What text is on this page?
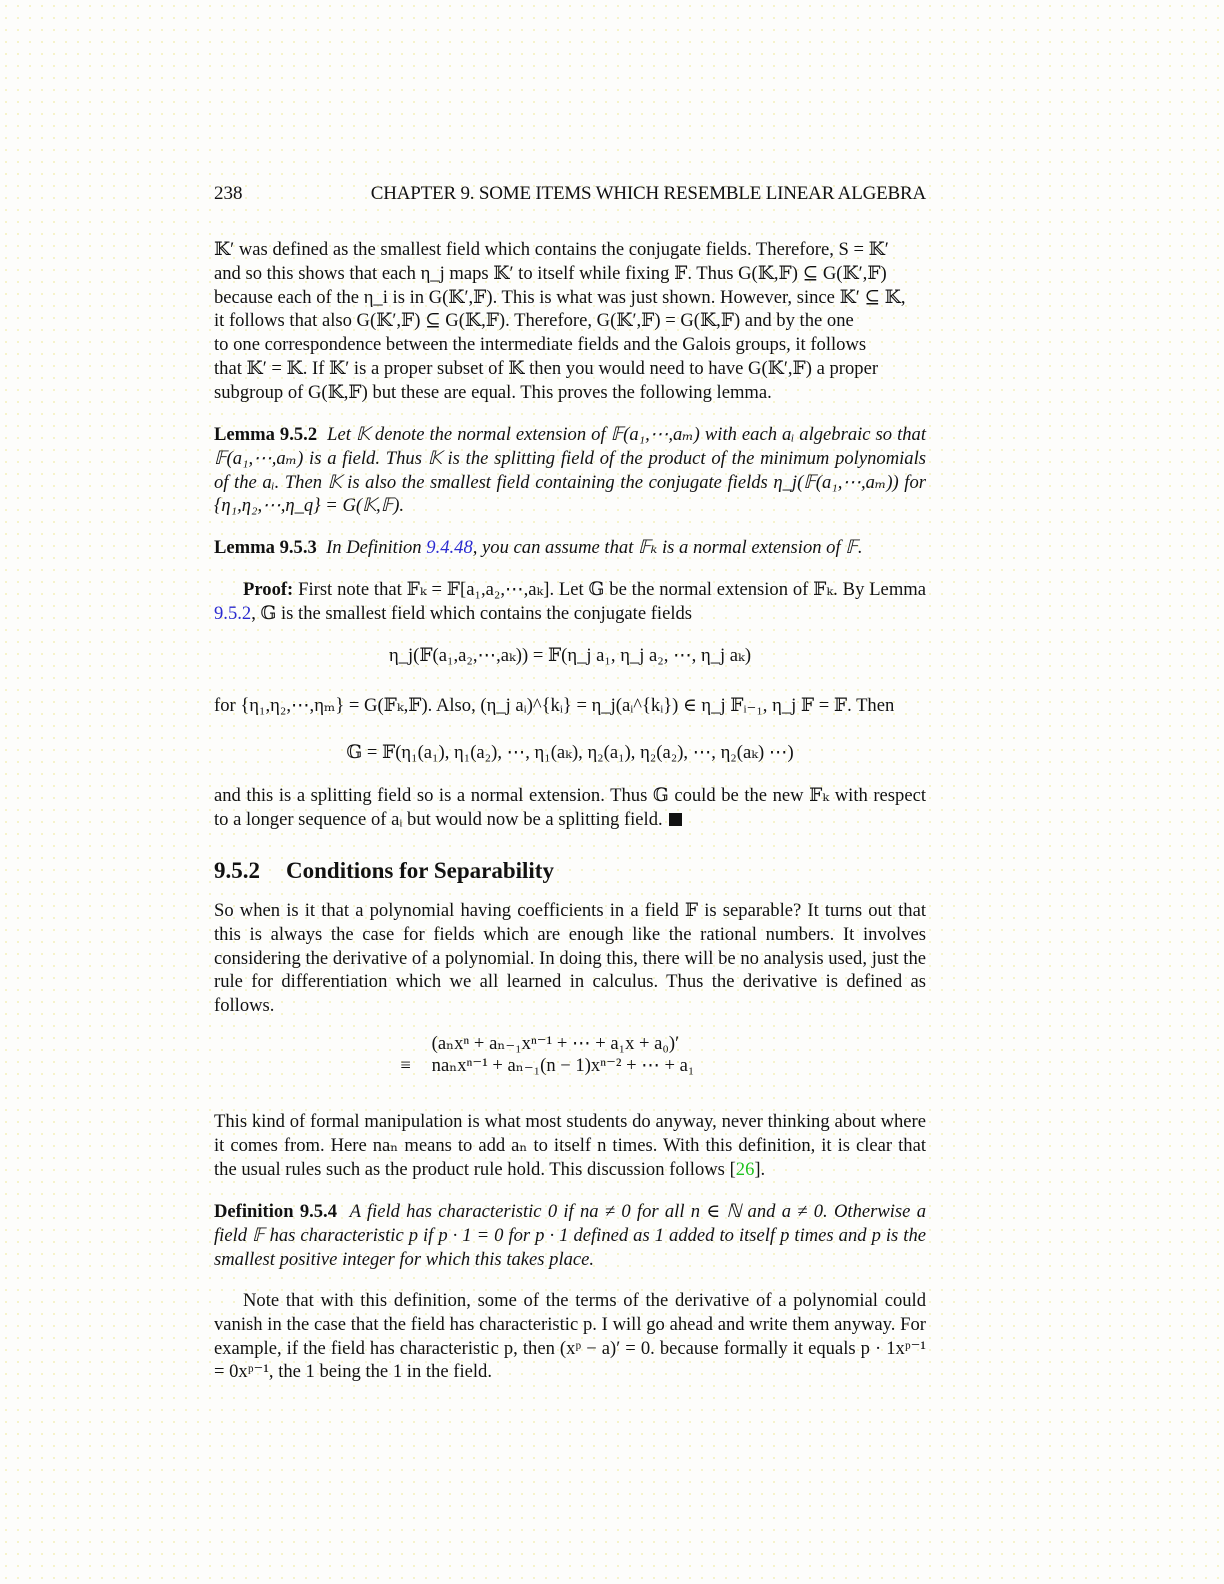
238	CHAPTER 9. SOME ITEMS WHICH RESEMBLE LINEAR ALGEBRA
𝕂′ was defined as the smallest field which contains the conjugate fields. Therefore, S = 𝕂′
and so this shows that each η_j maps 𝕂′ to itself while fixing 𝔽. Thus G(𝕂,𝔽) ⊆ G(𝕂′,𝔽)
because each of the η_i is in G(𝕂′,𝔽). This is what was just shown. However, since 𝕂′ ⊆ 𝕂,
it follows that also G(𝕂′,𝔽) ⊆ G(𝕂,𝔽). Therefore, G(𝕂′,𝔽) = G(𝕂,𝔽) and by the one
to one correspondence between the intermediate fields and the Galois groups, it follows
that 𝕂′ = 𝕂. If 𝕂′ is a proper subset of 𝕂 then you would need to have G(𝕂′,𝔽) a proper
subgroup of G(𝕂,𝔽) but these are equal. This proves the following lemma.
Lemma 9.5.2 Let 𝕂 denote the normal extension of 𝔽(a₁,⋯,aₘ) with each aᵢ algebraic so that 𝔽(a₁,⋯,aₘ) is a field. Thus 𝕂 is the splitting field of the product of the minimum polynomials of the aᵢ. Then 𝕂 is also the smallest field containing the conjugate fields η_j(𝔽(a₁,⋯,aₘ)) for {η₁,η₂,⋯,η_q} = G(𝕂,𝔽).
Lemma 9.5.3 In Definition 9.4.48, you can assume that 𝔽ₖ is a normal extension of 𝔽.
Proof: First note that 𝔽ₖ = 𝔽[a₁,a₂,⋯,aₖ]. Let 𝔾 be the normal extension of 𝔽ₖ. By Lemma 9.5.2, 𝔾 is the smallest field which contains the conjugate fields
η_j(𝔽(a₁,a₂,⋯,aₖ)) = 𝔽(η_j a₁, η_j a₂, ⋯, η_j aₖ)
for {η₁,η₂,⋯,ηₘ} = G(𝔽ₖ,𝔽). Also, (η_j aᵢ)^{kᵢ} = η_j(aᵢ^{kᵢ}) ∈ η_j 𝔽ᵢ₋₁, η_j 𝔽 = 𝔽. Then
𝔾 = 𝔽(η₁(a₁), η₁(a₂), ⋯, η₁(aₖ), η₂(a₁), η₂(a₂), ⋯, η₂(aₖ) ⋯)
and this is a splitting field so is a normal extension. Thus 𝔾 could be the new 𝔽ₖ with respect to a longer sequence of aᵢ but would now be a splitting field.
9.5.2 Conditions for Separability
So when is it that a polynomial having coefficients in a field 𝔽 is separable? It turns out that this is always the case for fields which are enough like the rational numbers. It involves considering the derivative of a polynomial. In doing this, there will be no analysis used, just the rule for differentiation which we all learned in calculus. Thus the derivative is defined as follows.
(aₙxⁿ + aₙ₋₁xⁿ⁻¹ + ⋯ + a₁x + a₀)′
≡	naₙxⁿ⁻¹ + aₙ₋₁(n − 1)xⁿ⁻² + ⋯ + a₁
This kind of formal manipulation is what most students do anyway, never thinking about where it comes from. Here naₙ means to add aₙ to itself n times. With this definition, it is clear that the usual rules such as the product rule hold. This discussion follows [26].
Definition 9.5.4 A field has characteristic 0 if na ≠ 0 for all n ∈ ℕ and a ≠ 0. Otherwise a field 𝔽 has characteristic p if p · 1 = 0 for p · 1 defined as 1 added to itself p times and p is the smallest positive integer for which this takes place.
Note that with this definition, some of the terms of the derivative of a polynomial could vanish in the case that the field has characteristic p. I will go ahead and write them anyway. For example, if the field has characteristic p, then (xᵖ − a)′ = 0. because formally it equals p · 1xᵖ⁻¹ = 0xᵖ⁻¹, the 1 being the 1 in the field.
